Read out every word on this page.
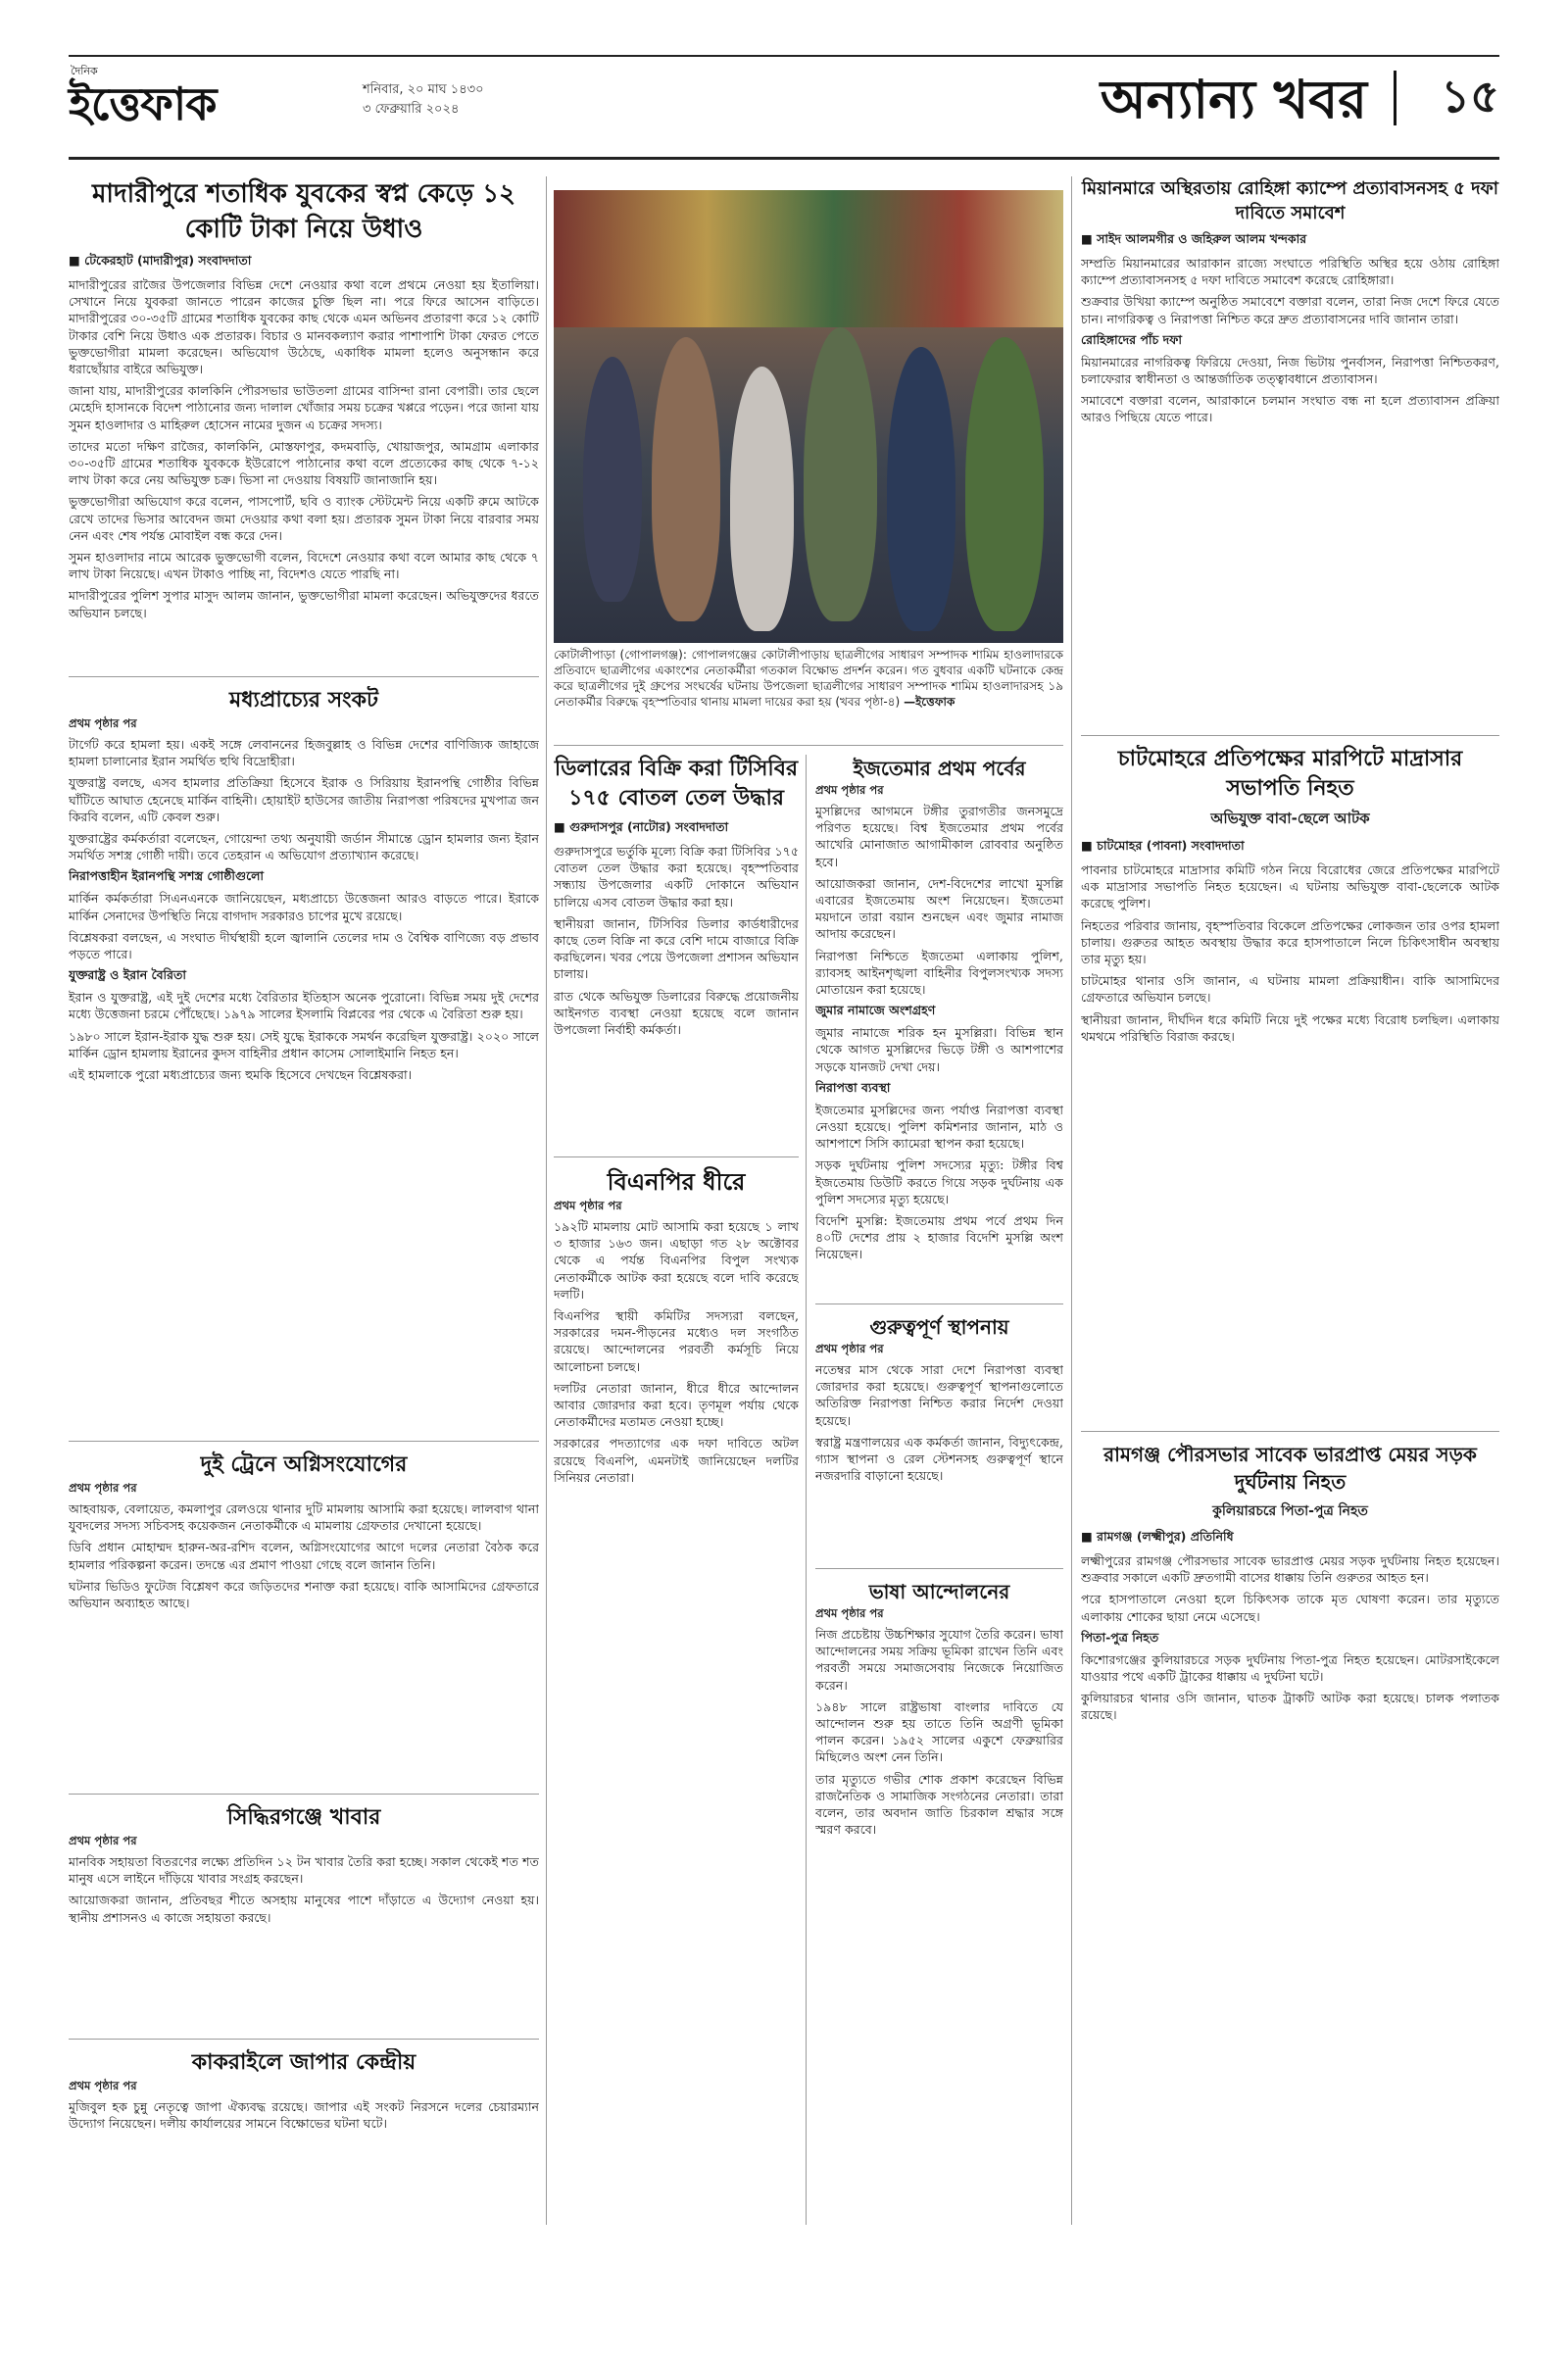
দৈনিক
ইত্তেফাক	শনিবার, ২০ মাঘ ১৪৩০
৩ ফেব্রুয়ারি ২০২৪	অন্যান্য খবর ১৫
মাদারীপুরে শতাধিক যুবকের স্বপ্ন কেড়ে ১২ কোটি টাকা নিয়ে উধাও
■ টেকেরহাট (মাদারীপুর) সংবাদদাতা

মাদারীপুরের রাজৈর উপজেলার বিভিন্ন দেশে নেওয়ার কথা বলে প্রথমে নেওয়া হয় ইতালিয়া। সেখানে নিয়ে যুবকরা জানতে পারেন কাজের চুক্তি ছিল না। পরে ফিরে আসেন বাড়িতে। মাদারীপুরের ৩০-৩৫টি গ্রামের শতাধিক যুবকের কাছ থেকে এমন অভিনব প্রতারণা করে ১২ কোটি টাকার বেশি নিয়ে উধাও এক প্রতারক। বিচার ও মানবকল্যাণ করার পাশাপাশি টাকা ফেরত পেতে ভুক্তভোগীরা মামলা করেছেন। অভিযোগ উঠেছে, একাধিক মামলা হলেও অনুসন্ধান করে ধরাছোঁয়ার বাইরে অভিযুক্ত।

জানা যায়, মাদারীপুরের কালকিনি পৌরসভার ভাউতলা গ্রামের বাসিন্দা রানা বেপারী। তার ছেলে মেহেদি হাসানকে বিদেশ পাঠানোর জন্য দালাল খোঁজার সময় চক্রের খপ্পরে পড়েন। পরে জানা যায় সুমন হাওলাদার ও মাহিরুল হোসেন নামের দুজন এ চক্রের সদস্য।

তাদের মতো দক্ষিণ রাজৈর, কালকিনি, মোস্তফাপুর, কদমবাড়ি, খোয়াজপুর, আমগ্রাম এলাকার ৩০-৩৫টি গ্রামের শতাধিক যুবককে ইউরোপে পাঠানোর কথা বলে প্রত্যেকের কাছ থেকে ৭-১২ লাখ টাকা করে নেয় অভিযুক্ত চক্র। ভিসা না দেওয়ায় বিষয়টি জানাজানি হয়।

ভুক্তভোগীরা অভিযোগ করে বলেন, পাসপোর্ট, ছবি ও ব্যাংক স্টেটমেন্ট নিয়ে একটি রুমে আটকে রেখে তাদের ভিসার আবেদন জমা দেওয়ার কথা বলা হয়। প্রতারক সুমন টাকা নিয়ে বারবার সময় নেন এবং শেষ পর্যন্ত মোবাইল বন্ধ করে দেন।

সুমন হাওলাদার নামে আরেক ভুক্তভোগী বলেন, বিদেশে নেওয়ার কথা বলে আমার কাছ থেকে ৭ লাখ টাকা নিয়েছে। এখন টাকাও পাচ্ছি না, বিদেশও যেতে পারছি না।

মাদারীপুরের পুলিশ সুপার মাসুদ আলম জানান, ভুক্তভোগীরা মামলা করেছেন। অভিযুক্তদের ধরতে অভিযান চলছে।

মধ্যপ্রাচ্যের সংকট
প্রথম পৃষ্ঠার পর

টার্গেট করে হামলা হয়। একই সঙ্গে লেবাননের হিজবুল্লাহ ও বিভিন্ন দেশের বাণিজ্যিক জাহাজে হামলা চালানোর ইরান সমর্থিত হুথি বিদ্রোহীরা।

যুক্তরাষ্ট্র বলছে, এসব হামলার প্রতিক্রিয়া হিসেবে ইরাক ও সিরিয়ায় ইরানপন্থি গোষ্ঠীর বিভিন্ন ঘাঁটিতে আঘাত হেনেছে মার্কিন বাহিনী। হোয়াইট হাউসের জাতীয় নিরাপত্তা পরিষদের মুখপাত্র জন কিরবি বলেন, এটি কেবল শুরু।

যুক্তরাষ্ট্রের কর্মকর্তারা বলেছেন, গোয়েন্দা তথ্য অনুযায়ী জর্ডান সীমান্তে ড্রোন হামলার জন্য ইরান সমর্থিত সশস্ত্র গোষ্ঠী দায়ী। তবে তেহরান এ অভিযোগ প্রত্যাখ্যান করেছে।

নিরাপত্তাহীন ইরানপন্থি সশস্ত্র গোষ্ঠীগুলো

মার্কিন কর্মকর্তারা সিএনএনকে জানিয়েছেন, মধ্যপ্রাচ্যে উত্তেজনা আরও বাড়তে পারে। ইরাকে মার্কিন সেনাদের উপস্থিতি নিয়ে বাগদাদ সরকারও চাপের মুখে রয়েছে।

বিশ্লেষকরা বলছেন, এ সংঘাত দীর্ঘস্থায়ী হলে জ্বালানি তেলের দাম ও বৈশ্বিক বাণিজ্যে বড় প্রভাব পড়তে পারে।

যুক্তরাষ্ট্র ও ইরান বৈরিতা

ইরান ও যুক্তরাষ্ট্র, এই দুই দেশের মধ্যে বৈরিতার ইতিহাস অনেক পুরোনো। বিভিন্ন সময় দুই দেশের মধ্যে উত্তেজনা চরমে পৌঁছেছে। ১৯৭৯ সালের ইসলামি বিপ্লবের পর থেকে এ বৈরিতা শুরু হয়।

১৯৮০ সালে ইরান-ইরাক যুদ্ধ শুরু হয়। সেই যুদ্ধে ইরাককে সমর্থন করেছিল যুক্তরাষ্ট্র। ২০২০ সালে মার্কিন ড্রোন হামলায় ইরানের কুদস বাহিনীর প্রধান কাসেম সোলাইমানি নিহত হন।

এই হামলাকে পুরো মধ্যপ্রাচ্যের জন্য হুমকি হিসেবে দেখছেন বিশ্লেষকরা।

দুই ট্রেনে অগ্নিসংযোগের
প্রথম পৃষ্ঠার পর

আহবায়ক, বেলায়েত, কমলাপুর রেলওয়ে থানার দুটি মামলায় আসামি করা হয়েছে। লালবাগ থানা যুবদলের সদস্য সচিবসহ কয়েকজন নেতাকর্মীকে এ মামলায় গ্রেফতার দেখানো হয়েছে।

ডিবি প্রধান মোহাম্মদ হারুন-অর-রশিদ বলেন, অগ্নিসংযোগের আগে দলের নেতারা বৈঠক করে হামলার পরিকল্পনা করেন। তদন্তে এর প্রমাণ পাওয়া গেছে বলে জানান তিনি।

ঘটনার ভিডিও ফুটেজ বিশ্লেষণ করে জড়িতদের শনাক্ত করা হয়েছে। বাকি আসামিদের গ্রেফতারে অভিযান অব্যাহত আছে।

সিদ্ধিরগঞ্জে খাবার
প্রথম পৃষ্ঠার পর

মানবিক সহায়তা বিতরণের লক্ষ্যে প্রতিদিন ১২ টন খাবার তৈরি করা হচ্ছে। সকাল থেকেই শত শত মানুষ এসে লাইনে দাঁড়িয়ে খাবার সংগ্রহ করছেন।

আয়োজকরা জানান, প্রতিবছর শীতে অসহায় মানুষের পাশে দাঁড়াতে এ উদ্যোগ নেওয়া হয়। স্থানীয় প্রশাসনও এ কাজে সহায়তা করছে।

কাকরাইলে জাপার কেন্দ্রীয়
প্রথম পৃষ্ঠার পর

মুজিবুল হক চুন্নু নেতৃত্বে জাপা ঐক্যবদ্ধ রয়েছে। জাপার এই সংকট নিরসনে দলের চেয়ারম্যান উদ্যোগ নিয়েছেন। দলীয় কার্যালয়ের সামনে বিক্ষোভের ঘটনা ঘটে।

কোটালীপাড়া (গোপালগঞ্জ): গোপালগঞ্জের কোটালীপাড়ায় ছাত্রলীগের সাধারণ সম্পাদক শামিম হাওলাদারকে প্রতিবাদে ছাত্রলীগের একাংশের নেতাকর্মীরা গতকাল বিক্ষোভ প্রদর্শন করেন। গত বুধবার একটি ঘটনাকে কেন্দ্র করে ছাত্রলীগের দুই গ্রুপের সংঘর্ষের ঘটনায় উপজেলা ছাত্রলীগের সাধারণ সম্পাদক শামিম হাওলাদারসহ ১৯ নেতাকর্মীর বিরুদ্ধে বৃহস্পতিবার থানায় মামলা দায়ের করা হয় (খবর পৃষ্ঠা-৪) —ইত্তেফাক
ডিলারের বিক্রি করা টিসিবির ১৭৫ বোতল তেল উদ্ধার
■ গুরুদাসপুর (নাটোর) সংবাদদাতা

গুরুদাসপুরে ভর্তুকি মূল্যে বিক্রি করা টিসিবির ১৭৫ বোতল তেল উদ্ধার করা হয়েছে। বৃহস্পতিবার সন্ধ্যায় উপজেলার একটি দোকানে অভিযান চালিয়ে এসব বোতল উদ্ধার করা হয়।

স্থানীয়রা জানান, টিসিবির ডিলার কার্ডধারীদের কাছে তেল বিক্রি না করে বেশি দামে বাজারে বিক্রি করছিলেন। খবর পেয়ে উপজেলা প্রশাসন অভিযান চালায়।

রাত থেকে অভিযুক্ত ডিলারের বিরুদ্ধে প্রয়োজনীয় আইনগত ব্যবস্থা নেওয়া হয়েছে বলে জানান উপজেলা নির্বাহী কর্মকর্তা।

বিএনপির ধীরে
প্রথম পৃষ্ঠার পর

১৯২টি মামলায় মোট আসামি করা হয়েছে ১ লাখ ৩ হাজার ১৬৩ জন। এছাড়া গত ২৮ অক্টোবর থেকে এ পর্যন্ত বিএনপির বিপুল সংখ্যক নেতাকর্মীকে আটক করা হয়েছে বলে দাবি করেছে দলটি।

বিএনপির স্থায়ী কমিটির সদস্যরা বলছেন, সরকারের দমন-পীড়নের মধ্যেও দল সংগঠিত রয়েছে। আন্দোলনের পরবর্তী কর্মসূচি নিয়ে আলোচনা চলছে।

দলটির নেতারা জানান, ধীরে ধীরে আন্দোলন আবার জোরদার করা হবে। তৃণমূল পর্যায় থেকে নেতাকর্মীদের মতামত নেওয়া হচ্ছে।

সরকারের পদত্যাগের এক দফা দাবিতে অটল রয়েছে বিএনপি, এমনটাই জানিয়েছেন দলটির সিনিয়র নেতারা।

ইজতেমার প্রথম পর্বের
প্রথম পৃষ্ঠার পর

মুসল্লিদের আগমনে টঙ্গীর তুরাগতীর জনসমুদ্রে পরিণত হয়েছে। বিশ্ব ইজতেমার প্রথম পর্বের আখেরি মোনাজাত আগামীকাল রোববার অনুষ্ঠিত হবে।

আয়োজকরা জানান, দেশ-বিদেশের লাখো মুসল্লি এবারের ইজতেমায় অংশ নিয়েছেন। ইজতেমা ময়দানে তারা বয়ান শুনছেন এবং জুমার নামাজ আদায় করেছেন।

নিরাপত্তা নিশ্চিতে ইজতেমা এলাকায় পুলিশ, র‍্যাবসহ আইনশৃঙ্খলা বাহিনীর বিপুলসংখ্যক সদস্য মোতায়েন করা হয়েছে।

জুমার নামাজে অংশগ্রহণ

জুমার নামাজে শরিক হন মুসল্লিরা। বিভিন্ন স্থান থেকে আগত মুসল্লিদের ভিড়ে টঙ্গী ও আশপাশের সড়কে যানজট দেখা দেয়।

নিরাপত্তা ব্যবস্থা

ইজতেমার মুসল্লিদের জন্য পর্যাপ্ত নিরাপত্তা ব্যবস্থা নেওয়া হয়েছে। পুলিশ কমিশনার জানান, মাঠ ও আশপাশে সিসি ক্যামেরা স্থাপন করা হয়েছে।

সড়ক দুর্ঘটনায় পুলিশ সদস্যের মৃত্যু: টঙ্গীর বিশ্ব ইজতেমায় ডিউটি করতে গিয়ে সড়ক দুর্ঘটনায় এক পুলিশ সদস্যের মৃত্যু হয়েছে।

বিদেশি মুসল্লি: ইজতেমায় প্রথম পর্বে প্রথম দিন ৪০টি দেশের প্রায় ২ হাজার বিদেশি মুসল্লি অংশ নিয়েছেন।

গুরুত্বপূর্ণ স্থাপনায়
প্রথম পৃষ্ঠার পর

নতেম্বর মাস থেকে সারা দেশে নিরাপত্তা ব্যবস্থা জোরদার করা হয়েছে। গুরুত্বপূর্ণ স্থাপনাগুলোতে অতিরিক্ত নিরাপত্তা নিশ্চিত করার নির্দেশ দেওয়া হয়েছে।

স্বরাষ্ট্র মন্ত্রণালয়ের এক কর্মকর্তা জানান, বিদ্যুৎকেন্দ্র, গ্যাস স্থাপনা ও রেল স্টেশনসহ গুরুত্বপূর্ণ স্থানে নজরদারি বাড়ানো হয়েছে।

ভাষা আন্দোলনের
প্রথম পৃষ্ঠার পর

নিজ প্রচেষ্টায় উচ্চশিক্ষার সুযোগ তৈরি করেন। ভাষা আন্দোলনের সময় সক্রিয় ভূমিকা রাখেন তিনি এবং পরবর্তী সময়ে সমাজসেবায় নিজেকে নিয়োজিত করেন।

১৯৪৮ সালে রাষ্ট্রভাষা বাংলার দাবিতে যে আন্দোলন শুরু হয় তাতে তিনি অগ্রণী ভূমিকা পালন করেন। ১৯৫২ সালের একুশে ফেব্রুয়ারির মিছিলেও অংশ নেন তিনি।

তার মৃত্যুতে গভীর শোক প্রকাশ করেছেন বিভিন্ন রাজনৈতিক ও সামাজিক সংগঠনের নেতারা। তারা বলেন, তার অবদান জাতি চিরকাল শ্রদ্ধার সঙ্গে স্মরণ করবে।

মিয়ানমারে অস্থিরতায় রোহিঙ্গা ক্যাম্পে প্রত্যাবাসনসহ ৫ দফা দাবিতে সমাবেশ
■ সাইদ আলমগীর ও জহিরুল আলম খন্দকার

সম্প্রতি মিয়ানমারের আরাকান রাজ্যে সংঘাতে পরিস্থিতি অস্থির হয়ে ওঠায় রোহিঙ্গা ক্যাম্পে প্রত্যাবাসনসহ ৫ দফা দাবিতে সমাবেশ করেছে রোহিঙ্গারা।

শুক্রবার উখিয়া ক্যাম্পে অনুষ্ঠিত সমাবেশে বক্তারা বলেন, তারা নিজ দেশে ফিরে যেতে চান। নাগরিকত্ব ও নিরাপত্তা নিশ্চিত করে দ্রুত প্রত্যাবাসনের দাবি জানান তারা।

রোহিঙ্গাদের পাঁচ দফা

মিয়ানমারের নাগরিকত্ব ফিরিয়ে দেওয়া, নিজ ভিটায় পুনর্বাসন, নিরাপত্তা নিশ্চিতকরণ, চলাফেরার স্বাধীনতা ও আন্তর্জাতিক তত্ত্বাবধানে প্রত্যাবাসন।

সমাবেশে বক্তারা বলেন, আরাকানে চলমান সংঘাত বন্ধ না হলে প্রত্যাবাসন প্রক্রিয়া আরও পিছিয়ে যেতে পারে।

চাটমোহরে প্রতিপক্ষের মারপিটে মাদ্রাসার সভাপতি নিহত
অভিযুক্ত বাবা-ছেলে আটক
■ চাটমোহর (পাবনা) সংবাদদাতা

পাবনার চাটমোহরে মাদ্রাসার কমিটি গঠন নিয়ে বিরোধের জেরে প্রতিপক্ষের মারপিটে এক মাদ্রাসার সভাপতি নিহত হয়েছেন। এ ঘটনায় অভিযুক্ত বাবা-ছেলেকে আটক করেছে পুলিশ।

নিহতের পরিবার জানায়, বৃহস্পতিবার বিকেলে প্রতিপক্ষের লোকজন তার ওপর হামলা চালায়। গুরুতর আহত অবস্থায় উদ্ধার করে হাসপাতালে নিলে চিকিৎসাধীন অবস্থায় তার মৃত্যু হয়।

চাটমোহর থানার ওসি জানান, এ ঘটনায় মামলা প্রক্রিয়াধীন। বাকি আসামিদের গ্রেফতারে অভিযান চলছে।

স্থানীয়রা জানান, দীর্ঘদিন ধরে কমিটি নিয়ে দুই পক্ষের মধ্যে বিরোধ চলছিল। এলাকায় থমথমে পরিস্থিতি বিরাজ করছে।

রামগঞ্জ পৌরসভার সাবেক ভারপ্রাপ্ত মেয়র সড়ক দুর্ঘটনায় নিহত
কুলিয়ারচরে পিতা-পুত্র নিহত
■ রামগঞ্জ (লক্ষ্মীপুর) প্রতিনিধি

লক্ষ্মীপুরের রামগঞ্জ পৌরসভার সাবেক ভারপ্রাপ্ত মেয়র সড়ক দুর্ঘটনায় নিহত হয়েছেন। শুক্রবার সকালে একটি দ্রুতগামী বাসের ধাক্কায় তিনি গুরুতর আহত হন।

পরে হাসপাতালে নেওয়া হলে চিকিৎসক তাকে মৃত ঘোষণা করেন। তার মৃত্যুতে এলাকায় শোকের ছায়া নেমে এসেছে।

পিতা-পুত্র নিহত

কিশোরগঞ্জের কুলিয়ারচরে সড়ক দুর্ঘটনায় পিতা-পুত্র নিহত হয়েছেন। মোটরসাইকেলে যাওয়ার পথে একটি ট্রাকের ধাক্কায় এ দুর্ঘটনা ঘটে।

কুলিয়ারচর থানার ওসি জানান, ঘাতক ট্রাকটি আটক করা হয়েছে। চালক পলাতক রয়েছে।
